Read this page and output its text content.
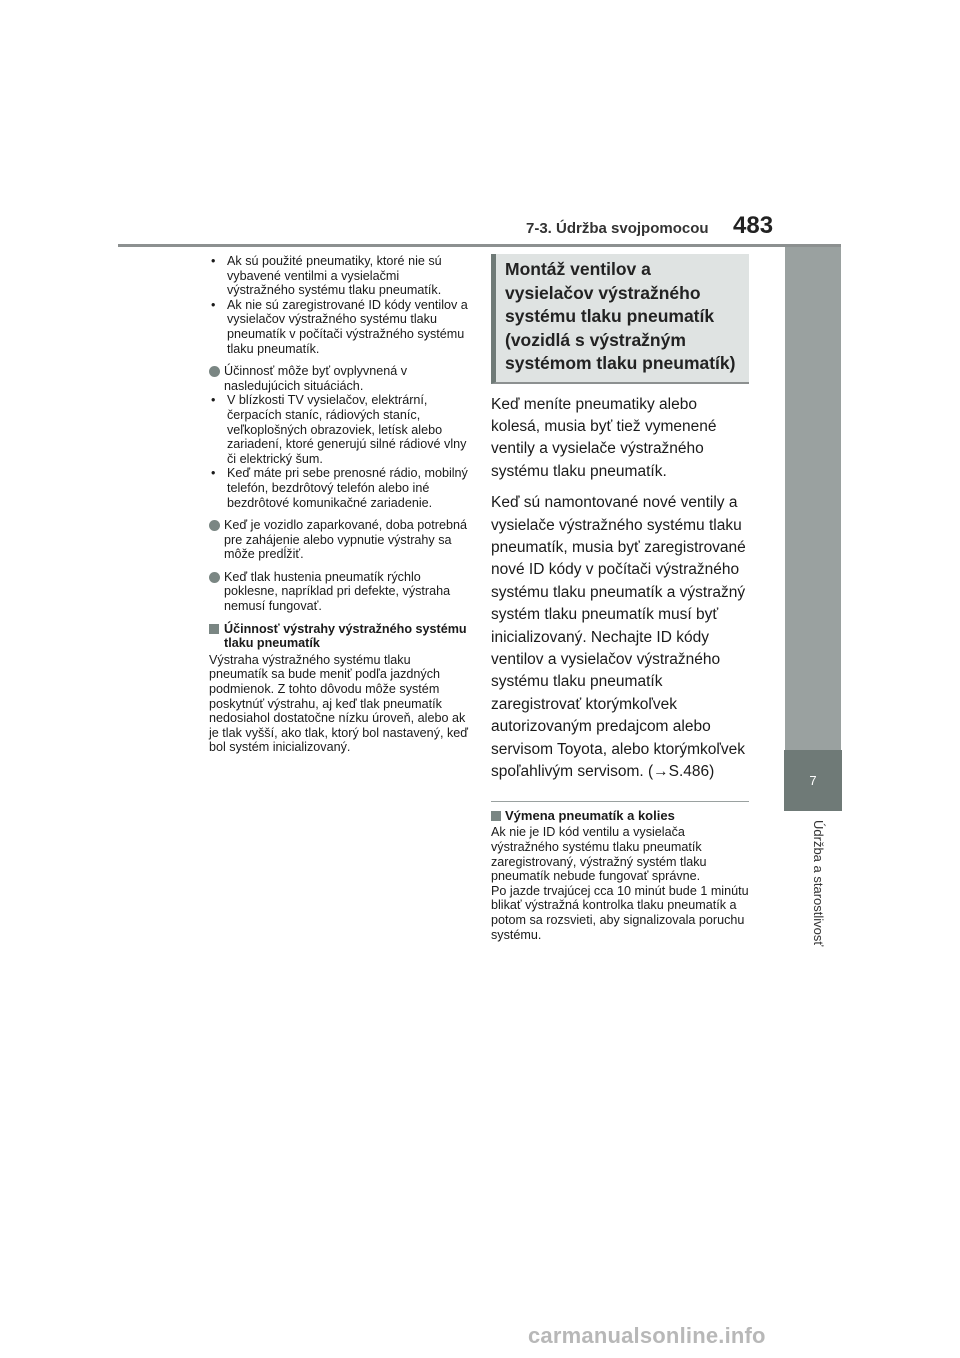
7-3. Údržba svojpomocou 483
7
Údržba a starostlivosť
• Ak sú použité pneumatiky, ktoré nie sú vybavené ventilmi a vysielačmi výstražného systému tlaku pneumatík.
• Ak nie sú zaregistrované ID kódy ventilov a vysielačov výstražného systému tlaku pneumatík v počítači výstražného systému tlaku pneumatík.
Účinnosť môže byť ovplyvnená v nasledujúcich situáciách.
• V blízkosti TV vysielačov, elektrární, čerpacích staníc, rádiových staníc, veľkoplošných obrazoviek, letísk alebo zariadení, ktoré generujú silné rádiové vlny či elektrický šum.
• Keď máte pri sebe prenosné rádio, mobilný telefón, bezdrôtový telefón alebo iné bezdrôtové komunikačné zariadenie.
Keď je vozidlo zaparkované, doba potrebná pre zahájenie alebo vypnutie výstrahy sa môže predĺžiť.
Keď tlak hustenia pneumatík rýchlo poklesne, napríklad pri defekte, výstraha nemusí fungovať.
Účinnosť výstrahy výstražného systému tlaku pneumatík
Výstraha výstražného systému tlaku pneumatík sa bude meniť podľa jazdných podmienok. Z tohto dôvodu môže systém poskytnúť výstrahu, aj keď tlak pneumatík nedosiahol dostatočne nízku úroveň, alebo ak je tlak vyšší, ako tlak, ktorý bol nastavený, keď bol systém inicializovaný.
Montáž ventilov a vysielačov výstražného systému tlaku pneumatík (vozidlá s výstražným systémom tlaku pneumatík)

Keď meníte pneumatiky alebo kolesá, musia byť tiež vymenené ventily a vysielače výstražného systému tlaku pneumatík.

Keď sú namontované nové ventily a vysielače výstražného systému tlaku pneumatík, musia byť zaregistrované nové ID kódy v počítači výstražného systému tlaku pneumatík a výstražný systém tlaku pneumatík musí byť inicializovaný. Nechajte ID kódy ventilov a vysielačov výstražného systému tlaku pneumatík zaregistrovať ktorýmkoľvek autorizovaným predajcom alebo servisom Toyota, alebo ktorýmkoľvek spoľahlivým servisom. (→S.486)

Výmena pneumatík a kolies

Ak nie je ID kód ventilu a vysielača výstražného systému tlaku pneumatík zaregistrovaný, výstražný systém tlaku pneumatík nebude fungovať správne.

Po jazde trvajúcej cca 10 minút bude 1 minútu blikať výstražná kontrolka tlaku pneumatík a potom sa rozsvieti, aby signalizovala poruchu systému.

carmanualsonline.info
